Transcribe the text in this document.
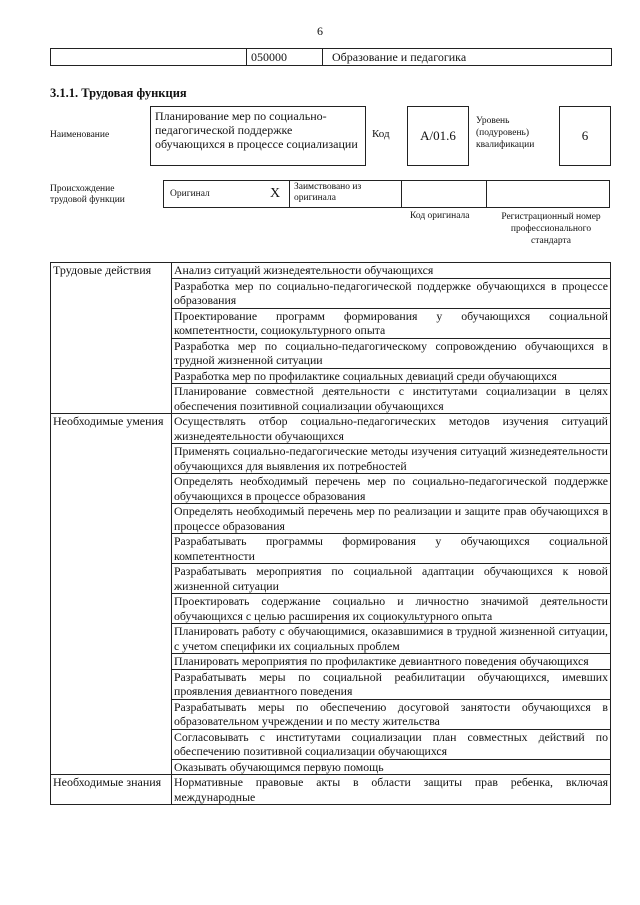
6
050000	Образование и педагогика
3.1.1. Трудовая функция
Наименование
Планирование мер по социально-педагогической поддержке обучающихся в процессе социализации
Код	A/01.6
Уровень
(подуровень)
квалификации
6
Происхождение
трудовой функции
Оригинал	X Заимствовано из
оригинала
Код оригинала	Регистрационный номер
профессионального
стандарта
Трудовые действия	Анализ ситуаций жизнедеятельности обучающихся
	Разработка мер по социально-педагогической поддержке обучающихся в процессе образования
	Проектирование программ формирования у обучающихся социальной компетентности, социокультурного опыта
	Разработка мер по социально-педагогическому сопровождению обучающихся в трудной жизненной ситуации
	Разработка мер по профилактике социальных девиаций среди обучающихся
	Планирование совместной деятельности с институтами социализации в целях обеспечения позитивной социализации обучающихся
Необходимые умения	Осуществлять отбор социально-педагогических методов изучения ситуаций жизнедеятельности обучающихся
	Применять социально-педагогические методы изучения ситуаций жизнедеятельности обучающихся для выявления их потребностей
	Определять необходимый перечень мер по социально-педагогической поддержке обучающихся в процессе образования
	Определять необходимый перечень мер по реализации и защите прав обучающихся в процессе образования
	Разрабатывать программы формирования у обучающихся социальной компетентности
	Разрабатывать мероприятия по социальной адаптации обучающихся к новой жизненной ситуации
	Проектировать содержание социально и личностно значимой деятельности обучающихся с целью расширения их социокультурного опыта
	Планировать работу с обучающимися, оказавшимися в трудной жизненной ситуации, с учетом специфики их социальных проблем
	Планировать мероприятия по профилактике девиантного поведения обучающихся
	Разрабатывать меры по социальной реабилитации обучающихся, имевших проявления девиантного поведения
	Разрабатывать меры по обеспечению досуговой занятости обучающихся в образовательном учреждении и по месту жительства
	Согласовывать с институтами социализации план совместных действий по обеспечению позитивной социализации обучающихся
	Оказывать обучающимся первую помощь
Необходимые знания	Нормативные правовые акты в области защиты прав ребенка, включая международные
